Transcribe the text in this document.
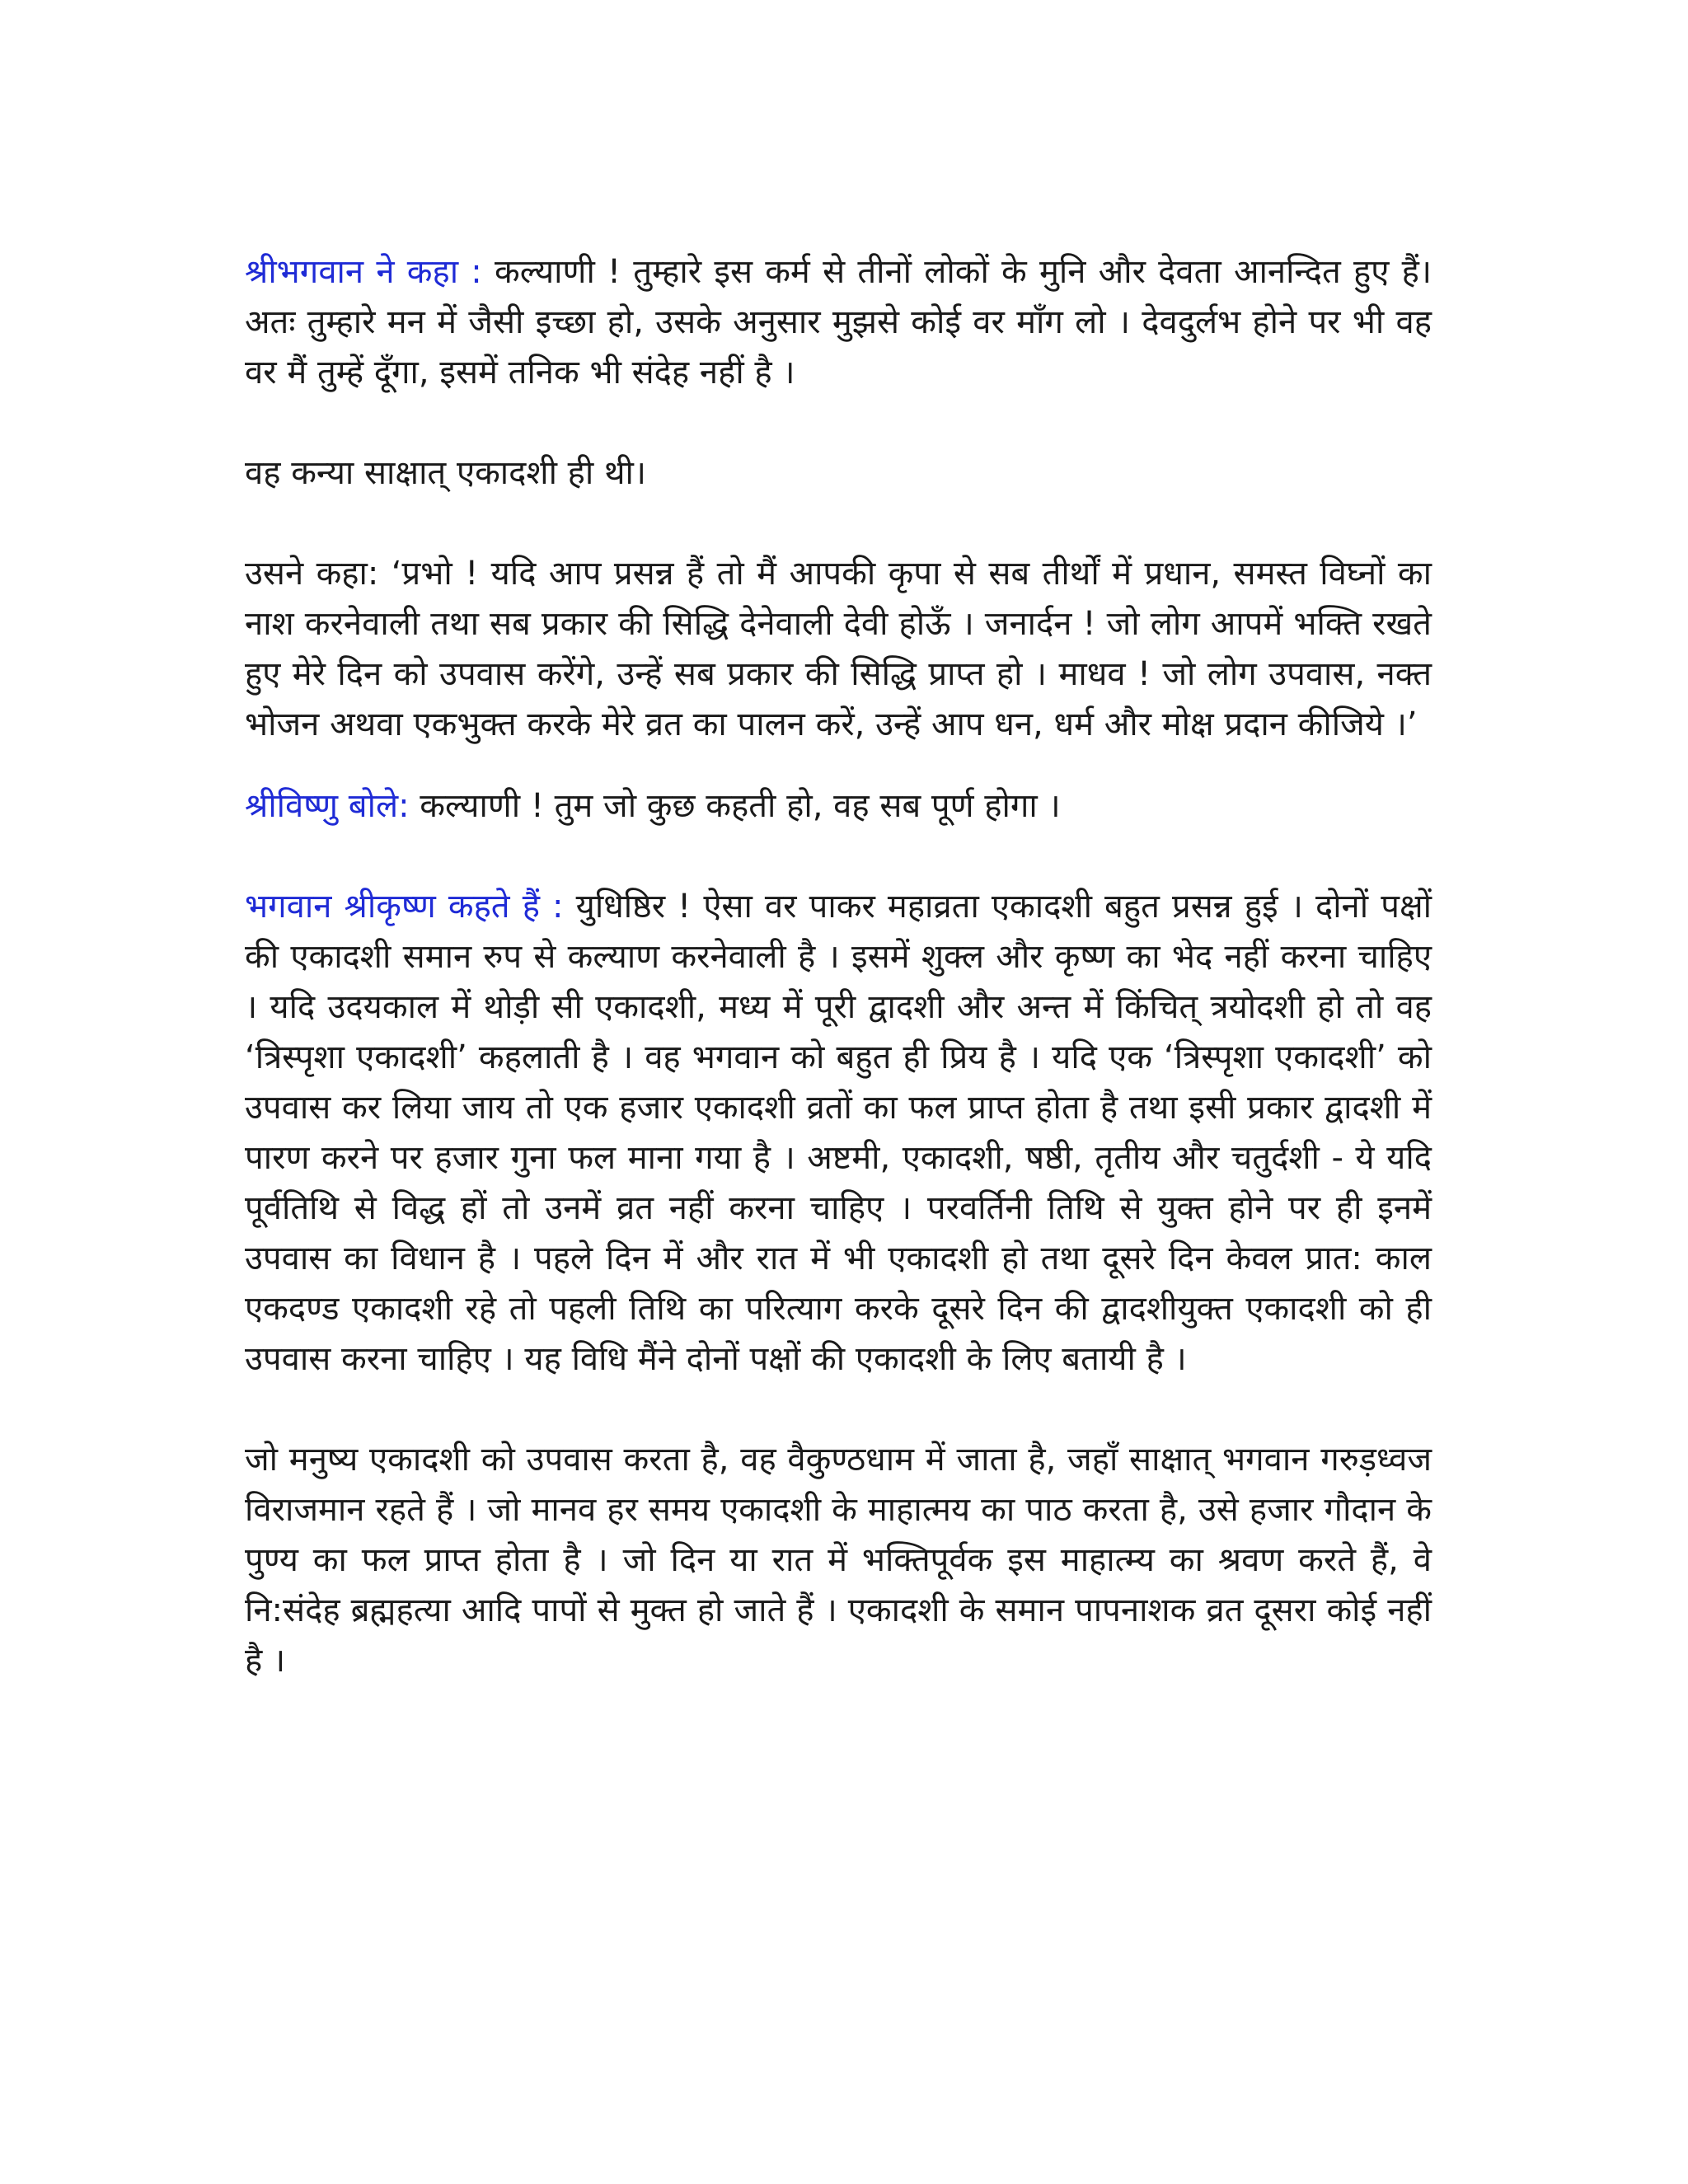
श्रीभगवान ने कहा : कल्याणी ! तुम्हारे इस कर्म से तीनों लोकों के मुनि और देवता आनन्दित हुए हैं। अतः तुम्हारे मन में जैसी इच्छा हो, उसके अनुसार मुझसे कोई वर माँग लो । देवदुर्लभ होने पर भी वह वर मैं तुम्हें दूँगा, इसमें तनिक भी संदेह नहीं है ।

वह कन्या साक्षात् एकादशी ही थी।

उसने कहा: ‘प्रभो ! यदि आप प्रसन्न हैं तो मैं आपकी कृपा से सब तीर्थों में प्रधान, समस्त विघ्नों का नाश करनेवाली तथा सब प्रकार की सिद्धि देनेवाली देवी होऊँ । जनार्दन ! जो लोग आपमें भक्ति रखते हुए मेरे दिन को उपवास करेंगे, उन्हें सब प्रकार की सिद्धि प्राप्त हो । माधव ! जो लोग उपवास, नक्त भोजन अथवा एकभुक्त करके मेरे व्रत का पालन करें, उन्हें आप धन, धर्म और मोक्ष प्रदान कीजिये ।’

श्रीविष्णु बोले: कल्याणी ! तुम जो कुछ कहती हो, वह सब पूर्ण होगा ।

भगवान श्रीकृष्ण कहते हैं : युधिष्ठिर ! ऐसा वर पाकर महाव्रता एकादशी बहुत प्रसन्न हुई । दोनों पक्षों की एकादशी समान रुप से कल्याण करनेवाली है । इसमें शुक्ल और कृष्ण का भेद नहीं करना चाहिए । यदि उदयकाल में थोड़ी सी एकादशी, मध्य में पूरी द्वादशी और अन्त में किंचित् त्रयोदशी हो तो वह ‘त्रिस्पृशा एकादशी’ कहलाती है । वह भगवान को बहुत ही प्रिय है । यदि एक ‘त्रिस्पृशा एकादशी’ को उपवास कर लिया जाय तो एक हजार एकादशी व्रतों का फल प्राप्त होता है तथा इसी प्रकार द्वादशी में पारण करने पर हजार गुना फल माना गया है । अष्टमी, एकादशी, षष्ठी, तृतीय और चतुर्दशी - ये यदि पूर्वतिथि से विद्ध हों तो उनमें व्रत नहीं करना चाहिए । परवर्तिनी तिथि से युक्त होने पर ही इनमें उपवास का विधान है । पहले दिन में और रात में भी एकादशी हो तथा दूसरे दिन केवल प्रात: काल एकदण्ड एकादशी रहे तो पहली तिथि का परित्याग करके दूसरे दिन की द्वादशीयुक्त एकादशी को ही उपवास करना चाहिए । यह विधि मैंने दोनों पक्षों की एकादशी के लिए बतायी है ।

जो मनुष्य एकादशी को उपवास करता है, वह वैकुण्ठधाम में जाता है, जहाँ साक्षात् भगवान गरुड़ध्वज विराजमान रहते हैं । जो मानव हर समय एकादशी के माहात्मय का पाठ करता है, उसे हजार गौदान के पुण्य का फल प्राप्त होता है । जो दिन या रात में भक्तिपूर्वक इस माहात्म्य का श्रवण करते हैं, वे नि:संदेह ब्रह्महत्या आदि पापों से मुक्त हो जाते हैं । एकादशी के समान पापनाशक व्रत दूसरा कोई नहीं है ।
